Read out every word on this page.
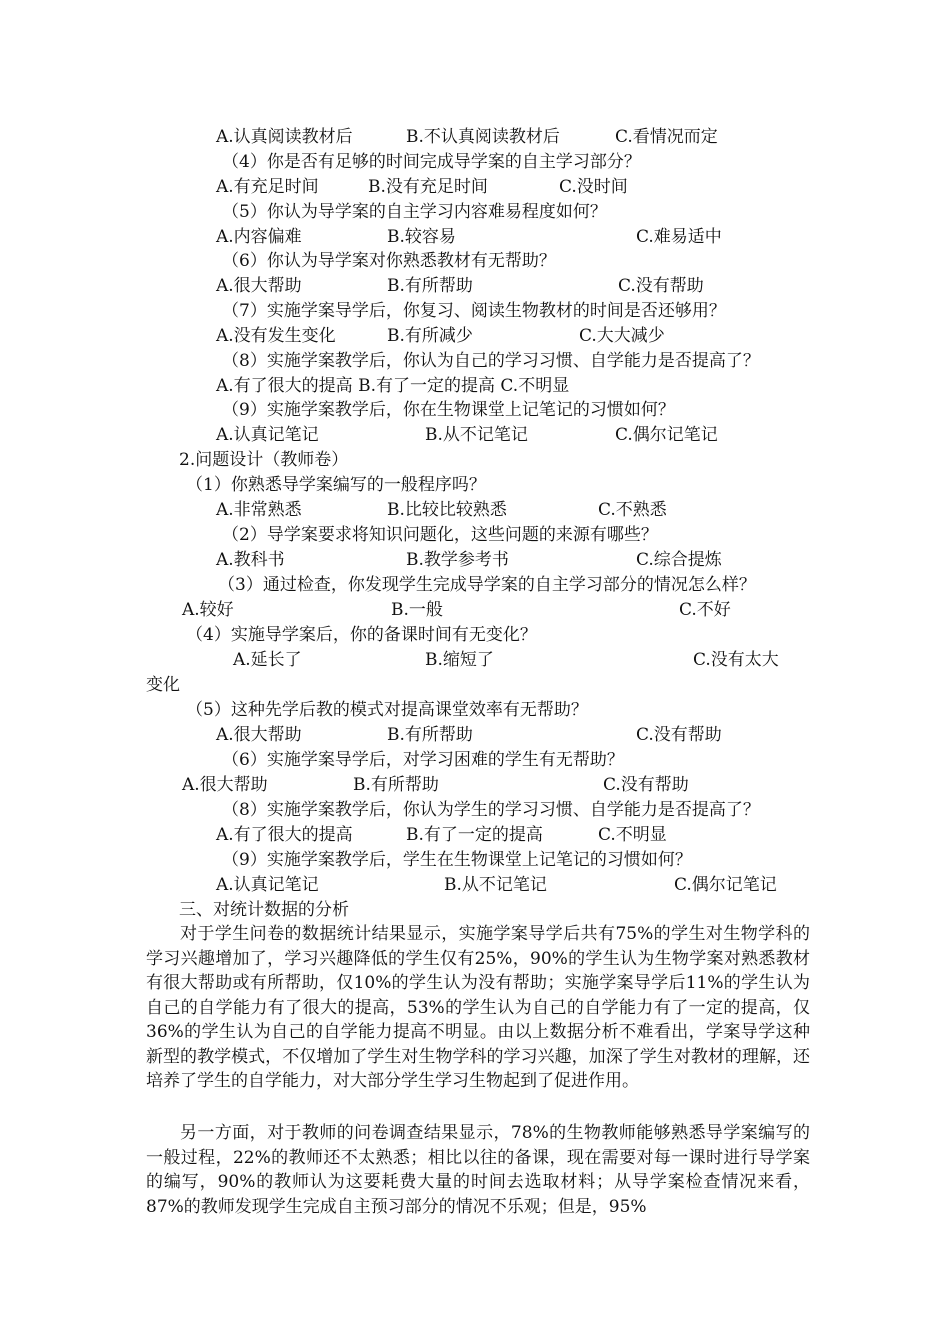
A.认真阅读教材后	B.不认真阅读教材后	C.看情况而定
（4）你是否有足够的时间完成导学案的自主学习部分？
A.有充足时间	B.没有充足时间	C.没时间
（5）你认为导学案的自主学习内容难易程度如何？
A.内容偏难	B.较容易	C.难易适中
（6）你认为导学案对你熟悉教材有无帮助？
A.很大帮助	B.有所帮助	C.没有帮助
（7）实施学案导学后，你复习、阅读生物教材的时间是否还够用？
A.没有发生变化	B.有所减少	C.大大减少
（8）实施学案教学后，你认为自己的学习习惯、自学能力是否提高了？
A.有了很大的提高 B.有了一定的提高 C.不明显
（9）实施学案教学后，你在生物课堂上记笔记的习惯如何？
A.认真记笔记	B.从不记笔记	C.偶尔记笔记
2.问题设计（教师卷）
（1）你熟悉导学案编写的一般程序吗？
A.非常熟悉	B.比较比较熟悉	C.不熟悉
（2）导学案要求将知识问题化，这些问题的来源有哪些？
A.教科书	B.教学参考书	C.综合提炼
（3）通过检查，你发现学生完成导学案的自主学习部分的情况怎么样？
A.较好	B.一般	C.不好
（4）实施导学案后，你的备课时间有无变化？
A.延长了	B.缩短了	C.没有太大
变化
（5）这种先学后教的模式对提高课堂效率有无帮助？
A.很大帮助	B.有所帮助	C.没有帮助
（6）实施学案导学后，对学习困难的学生有无帮助？
A.很大帮助	B.有所帮助	C.没有帮助
（8）实施学案教学后，你认为学生的学习习惯、自学能力是否提高了？
A.有了很大的提高	B.有了一定的提高	C.不明显
（9）实施学案教学后，学生在生物课堂上记笔记的习惯如何？
A.认真记笔记	B.从不记笔记	C.偶尔记笔记
三、对统计数据的分析

对于学生问卷的数据统计结果显示，实施学案导学后共有75%的学生对生物学科的学习兴趣增加了，学习兴趣降低的学生仅有25%，90%的学生认为生物学案对熟悉教材有很大帮助或有所帮助，仅10%的学生认为没有帮助；实施学案导学后11%的学生认为自己的自学能力有了很大的提高，53%的学生认为自己的自学能力有了一定的提高，仅36%的学生认为自己的自学能力提高不明显。由以上数据分析不难看出，学案导学这种新型的教学模式，不仅增加了学生对生物学科的学习兴趣，加深了学生对教材的理解，还培养了学生的自学能力，对大部分学生学习生物起到了促进作用。

另一方面，对于教师的问卷调查结果显示，78%的生物教师能够熟悉导学案编写的一般过程，22%的教师还不太熟悉；相比以往的备课，现在需要对每一课时进行导学案的编写，90%的教师认为这要耗费大量的时间去选取材料；从导学案检查情况来看，87%的教师发现学生完成自主预习部分的情况不乐观；但是，95%
